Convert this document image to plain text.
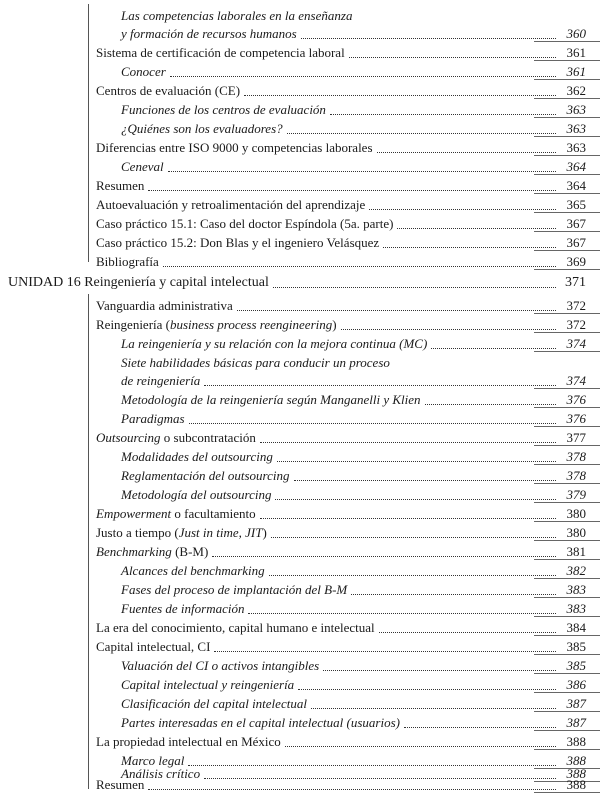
Las competencias laborales en la enseñanza
y formación de recursos humanos	360
Sistema de certificación de competencia laboral	361
Conocer	361
Centros de evaluación (CE)	362
Funciones de los centros de evaluación	363
¿Quiénes son los evaluadores?	363
Diferencias entre ISO 9000 y competencias laborales	363
Ceneval	364
Resumen	364
Autoevaluación y retroalimentación del aprendizaje	365
Caso práctico 15.1: Caso del doctor Espíndola (5a. parte)	367
Caso práctico 15.2: Don Blas y el ingeniero Velásquez	367
Bibliografía	369
UNIDAD 16 Reingeniería y capital intelectual	371
Vanguardia administrativa	372
Reingeniería (business process reengineering)	372
La reingeniería y su relación con la mejora continua (MC)	374
Siete habilidades básicas para conducir un proceso
de reingeniería	374
Metodología de la reingeniería según Manganelli y Klien	376
Paradigmas	376
Outsourcing o subcontratación	377
Modalidades del outsourcing	378
Reglamentación del outsourcing	378
Metodología del outsourcing	379
Empowerment o facultamiento	380
Justo a tiempo (Just in time, JIT)	380
Benchmarking (B-M)	381
Alcances del benchmarking	382
Fases del proceso de implantación del B-M	383
Fuentes de información	383
La era del conocimiento, capital humano e intelectual	384
Capital intelectual, CI	385
Valuación del CI o activos intangibles	385
Capital intelectual y reingeniería	386
Clasificación del capital intelectual	387
Partes interesadas en el capital intelectual (usuarios)	387
La propiedad intelectual en México	388
Marco legal	388
Análisis crítico	388
Resumen	388
